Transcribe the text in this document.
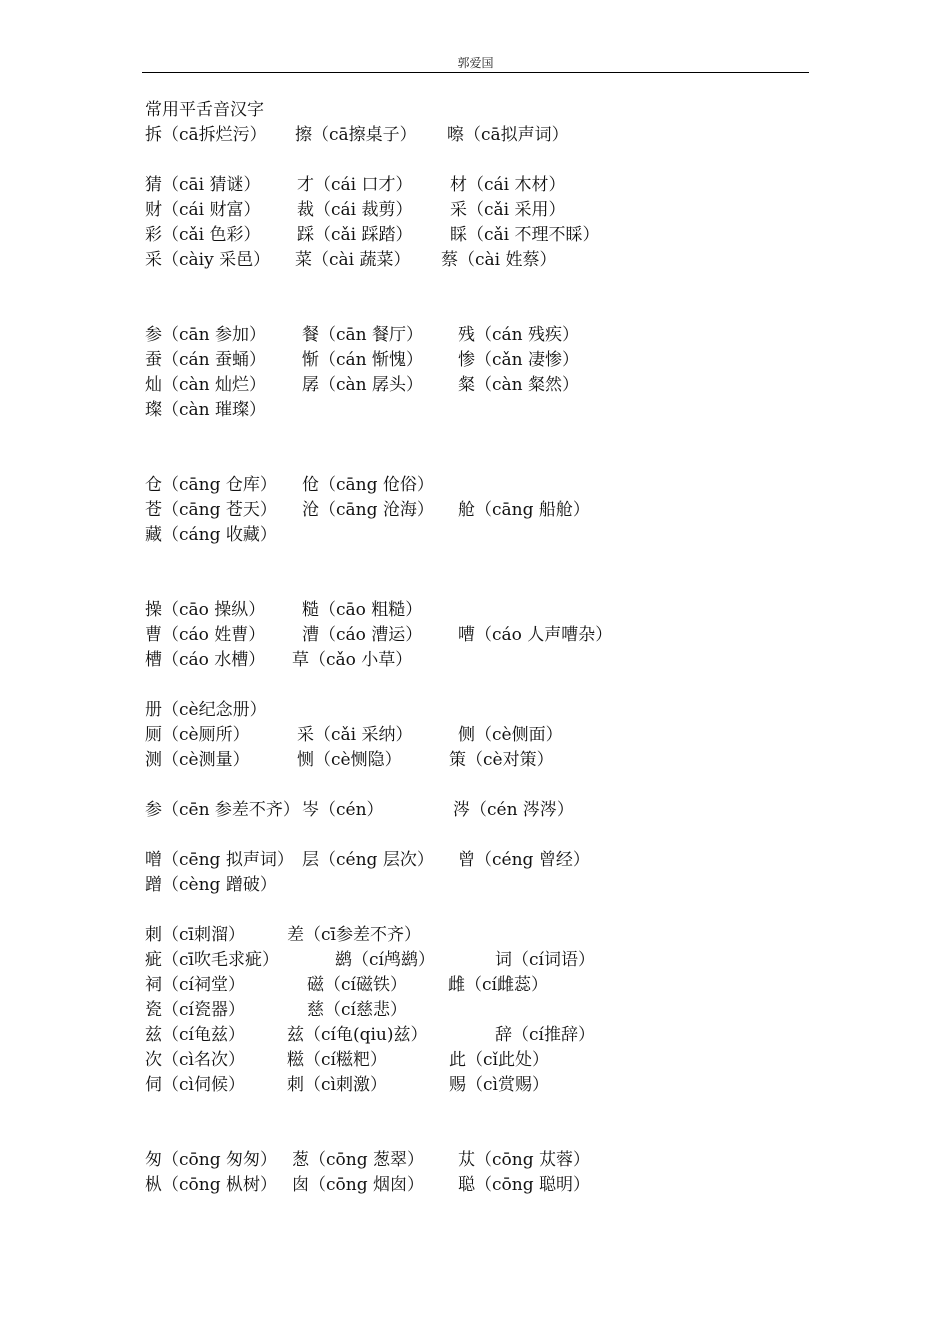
郭爱国
常用平舌音汉字
拆（cā拆烂污） 擦（cā擦桌子） 嚓（cā拟声词）
猜（cāi 猜谜） 才（cái 口才） 材（cái 木材）
财（cái 财富） 裁（cái 裁剪） 采（cǎi 采用）
彩（cǎi 色彩） 踩（cǎi 踩踏） 睬（cǎi 不理不睬）
采（càiy 采邑） 菜（cài 蔬菜） 蔡（cài 姓蔡）
参（cān 参加） 餐（cān 餐厅） 残（cán 残疾）
蚕（cán 蚕蛹） 惭（cán 惭愧） 惨（cǎn 凄惨）
灿（càn 灿烂） 孱（càn 孱头） 粲（càn 粲然）
璨（càn 璀璨）
仓（cāng 仓库） 伧（cāng 伧俗）
苍（cāng 苍天） 沧（cāng 沧海） 舱（cāng 船舱）
藏（cáng 收藏）
操（cāo 操纵） 糙（cāo 粗糙）
曹（cáo 姓曹） 漕（cáo 漕运） 嘈（cáo 人声嘈杂）
槽（cáo 水槽） 草（cǎo 小草）
册（cè纪念册）
厕（cè厕所）	采（cǎi 采纳）	侧（cè侧面）
测（cè测量）	恻（cè恻隐）	策（cè对策）
参（cēn 参差不齐） 岑（cén）	涔（cén 涔涔）
噌（cēng 拟声词） 层（céng 层次） 曾（céng 曾经）
蹭（cèng 蹭破）
刺（cī刺溜） 差（cī参差不齐）
疵（cī吹毛求疵）	鹚（cí鸬鹚）	词（cí词语）
祠（cí祠堂）	磁（cí磁铁） 雌（cí雌蕊）
瓷（cí瓷器）	慈（cí慈悲）
兹（cí龟兹） 兹（cí龟(qiu)兹）	辞（cí推辞）
次（cì名次） 糍（cí糍粑）	此（cǐ此处）
伺（cì伺候） 刺（cì刺激）	赐（cì赏赐）
匆（cōng 匆匆） 葱（cōng 葱翠） 苁（cōng 苁蓉）
枞（cōng 枞树） 囱（cōng 烟囱） 聪（cōng 聪明）
